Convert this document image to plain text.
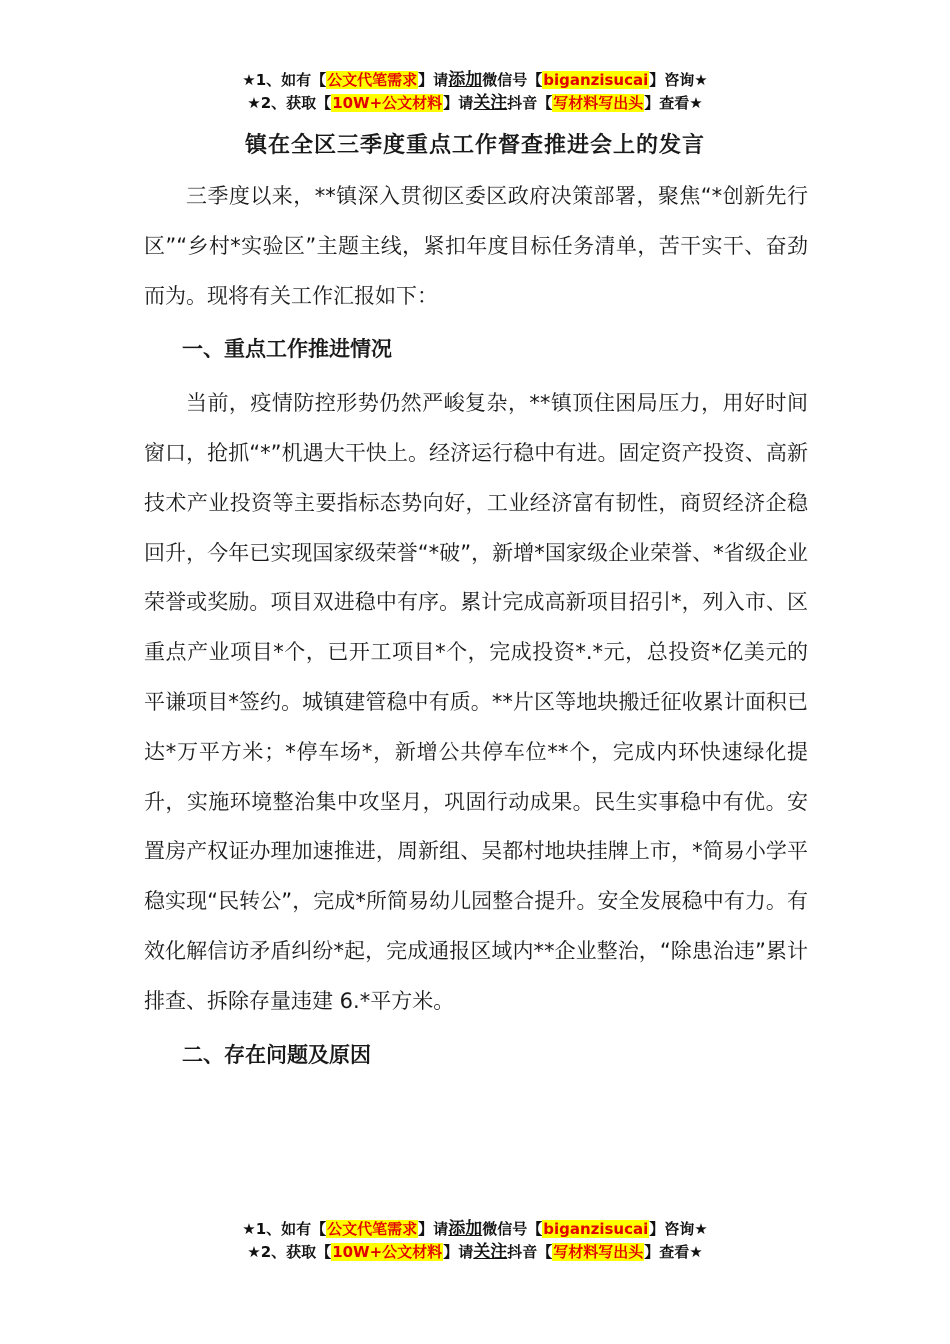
★1、如有【公文代笔需求】请添加微信号【biganzisucai】咨询★
★2、获取【10W+公文材料】请关注抖音【写材料写出头】查看★
镇在全区三季度重点工作督查推进会上的发言

三季度以来，**镇深入贯彻区委区政府决策部署，聚焦“*创新先行区”“乡村*实验区”主题主线，紧扣年度目标任务清单，苦干实干、奋劲而为。现将有关工作汇报如下：

一、重点工作推进情况

当前，疫情防控形势仍然严峻复杂，**镇顶住困局压力，用好时间窗口，抢抓“*”机遇大干快上。经济运行稳中有进。固定资产投资、高新技术产业投资等主要指标态势向好，工业经济富有韧性，商贸经济企稳回升，今年已实现国家级荣誉“*破”，新增*国家级企业荣誉、*省级企业荣誉或奖励。项目双进稳中有序。累计完成高新项目招引*，列入市、区重点产业项目*个，已开工项目*个，完成投资*.*元，总投资*亿美元的平谦项目*签约。城镇建管稳中有质。**片区等地块搬迁征收累计面积已达*万平方米；*停车场*，新增公共停车位**个，完成内环快速绿化提升，实施环境整治集中攻坚月，巩固行动成果。民生实事稳中有优。安置房产权证办理加速推进，周新组、吴都村地块挂牌上市，*简易小学平稳实现“民转公”，完成*所简易幼儿园整合提升。安全发展稳中有力。有效化解信访矛盾纠纷*起，完成通报区域内**企业整治，“除患治违”累计排查、拆除存量违建 6.*平方米。

二、存在问题及原因
★1、如有【公文代笔需求】请添加微信号【biganzisucai】咨询★
★2、获取【10W+公文材料】请关注抖音【写材料写出头】查看★
